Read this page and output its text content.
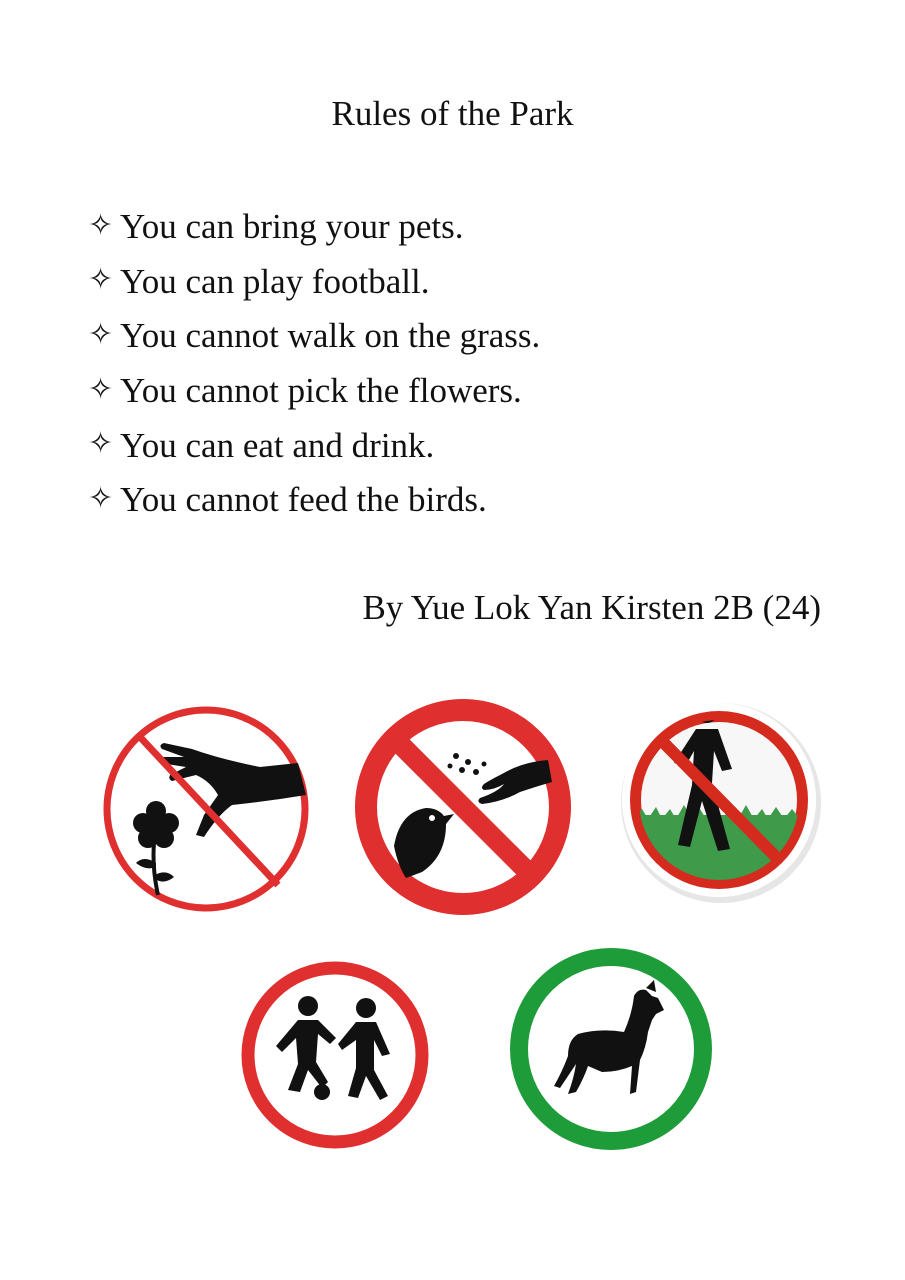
Rules of the Park
✧ You can bring your pets.
✧ You can play football.
✧ You cannot walk on the grass.
✧ You cannot pick the flowers.
✧ You can eat and drink.
✧ You cannot feed the birds.
By Yue Lok Yan Kirsten 2B (24)
